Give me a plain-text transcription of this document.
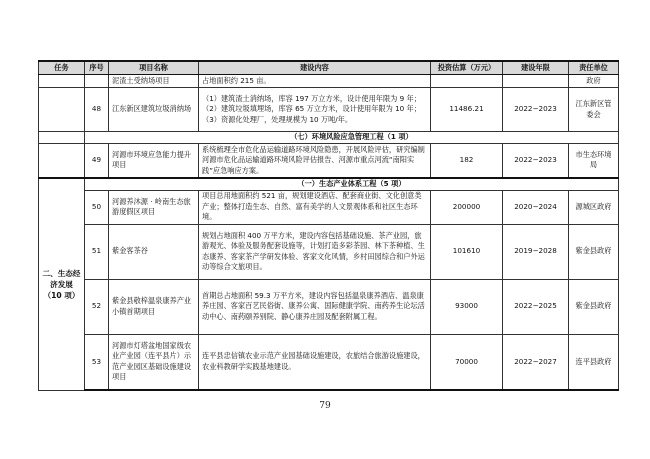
任务	序号	项目名称	建设内容	投资估算（万元）	建设年限	责任单位
		泥渣土受纳场项目	占地面积约 215 亩。			政府
	48	江东新区建筑垃圾消纳场	（1）建筑渣土消纳场，库容 197 万立方米，设计使用年限为 9 年；（2）建筑垃圾填埋场，库容 65 万立方米，设计使用年限为 10 年；（3）资源化处理厂，处理规模为 10 万吨/年。	11486.21	2022−2023	江东新区管委会
	（七）环境风险应急管理工程（1 项）					
	49	河源市环境应急能力提升项目	系统梳理全市危化品运输道路环境风险隐患，开展风险评估，研究编制河源市危化品运输道路环境风险评估报告、河源市重点河流“南阳实践”应急响应方案。	182	2022−2023	市生态环境局
二、生态经济发展（10 项）	（一）生态产业体系工程（5 项）					
	50	河源养沐源 · 岭南生态旅游度假区项目	项目总用地面积约 521 亩，规划建设酒店、配套商业街、文化创意类产业；整体打造生态、自然、富有美学的人文景观体系和社区生态环境。	200000	2020−2024	源城区政府
	51	紫金客茶谷	规划占地面积 400 万平方米，建设内容包括基础设施、茶产业园，旅游观光、体验及服务配套设施等，计划打造多彩茶园、林下茶种植、生态康养、客家茶产学研发体验、客家文化风情，乡村田园综合和户外运动等综合文旅项目。	101610	2019−2028	紫金县政府
	52	紫金县敬梓温泉康养产业小镇首期项目	首期总占地面积 59.3 万平方米，建设内容包括温泉康养酒店、温泉康养庄园、客家百艺民俗街、康养公寓、国际健康学院、南药养生论坛活动中心、南药颐养别院、静心康养庄园及配套附属工程。	93000	2022−2025	紫金县政府
	53	河源市灯塔盆地国家级农业产业园（连平县片）示范产业园区基础设施建设项目	连平县忠信镇农业示范产业园基础设施建设，农旅结合旅游设施建设，农业科教研学实践基地建设。	70000	2022−2027	连平县政府
79
